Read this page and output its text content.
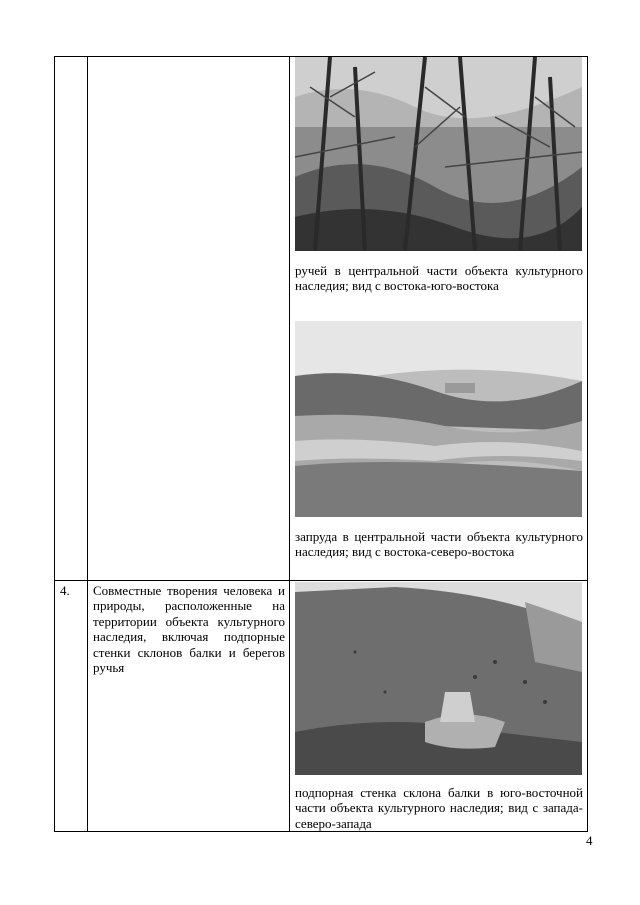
ручей в центральной части объекта культурного наследия; вид с востока-юго-востока
запруда в центральной части объекта культурного наследия; вид с востока-северо-востока
4. Совместные творения человека и природы, расположенные на территории объекта культурного наследия, включая подпорные стенки склонов балки и берегов ручья
подпорная стенка склона балки в юго-восточной части объекта культурного наследия; вид с запада-северо-запада
4
